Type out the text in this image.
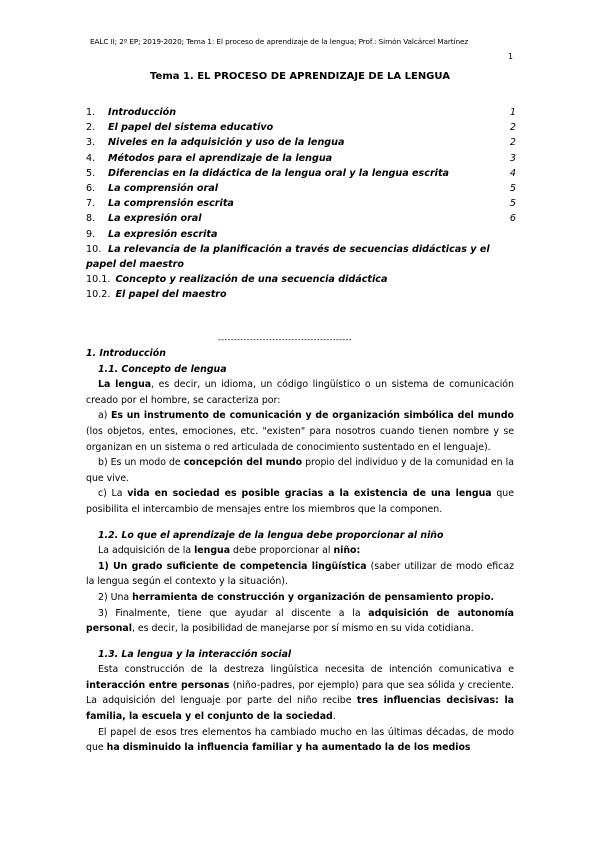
EALC II; 2º EP; 2019-2020; Tema 1: El proceso de aprendizaje de la lengua; Prof.: Simón Valcárcel Martínez
1
Tema 1. EL PROCESO DE APRENDIZAJE DE LA LENGUA
1. Introducción	1
2. El papel del sistema educativo	2
3. Niveles en la adquisición y uso de la lengua	2
4. Métodos para el aprendizaje de la lengua	3
5. Diferencias en la didáctica de la lengua oral y la lengua escrita	4
6. La comprensión oral	5
7. La comprensión escrita	5
8. La expresión oral	6
9. La expresión escrita
10. La relevancia de la planificación a través de secuencias didácticas y el
papel del maestro
10.1. Concepto y realización de una secuencia didáctica
10.2. El papel del maestro
------------------------------------------

1. Introducción

1.1. Concepto de lengua

La lengua, es decir, un idioma, un código lingüístico o un sistema de comunicación creado por el hombre, se caracteriza por:

a) Es un instrumento de comunicación y de organización simbólica del mundo (los objetos, entes, emociones, etc. "existen" para nosotros cuando tienen nombre y se organizan en un sistema o red articulada de conocimiento sustentado en el lenguaje).

b) Es un modo de concepción del mundo propio del individuo y de la comunidad en la que vive.

c) La vida en sociedad es posible gracias a la existencia de una lengua que posibilita el intercambio de mensajes entre los miembros que la componen.

1.2. Lo que el aprendizaje de la lengua debe proporcionar al niño

La adquisición de la lengua debe proporcionar al niño:

1) Un grado suficiente de competencia lingüística (saber utilizar de modo eficaz la lengua según el contexto y la situación).

2) Una herramienta de construcción y organización de pensamiento propio.

3) Finalmente, tiene que ayudar al discente a la adquisición de autonomía personal, es decir, la posibilidad de manejarse por sí mismo en su vida cotidiana.

1.3. La lengua y la interacción social

Esta construcción de la destreza lingüística necesita de intención comunicativa e interacción entre personas (niño-padres, por ejemplo) para que sea sólida y creciente. La adquisición del lenguaje por parte del niño recibe tres influencias decisivas: la familia, la escuela y el conjunto de la sociedad.

El papel de esos tres elementos ha cambiado mucho en las últimas décadas, de modo que ha disminuido la influencia familiar y ha aumentado la de los medios
